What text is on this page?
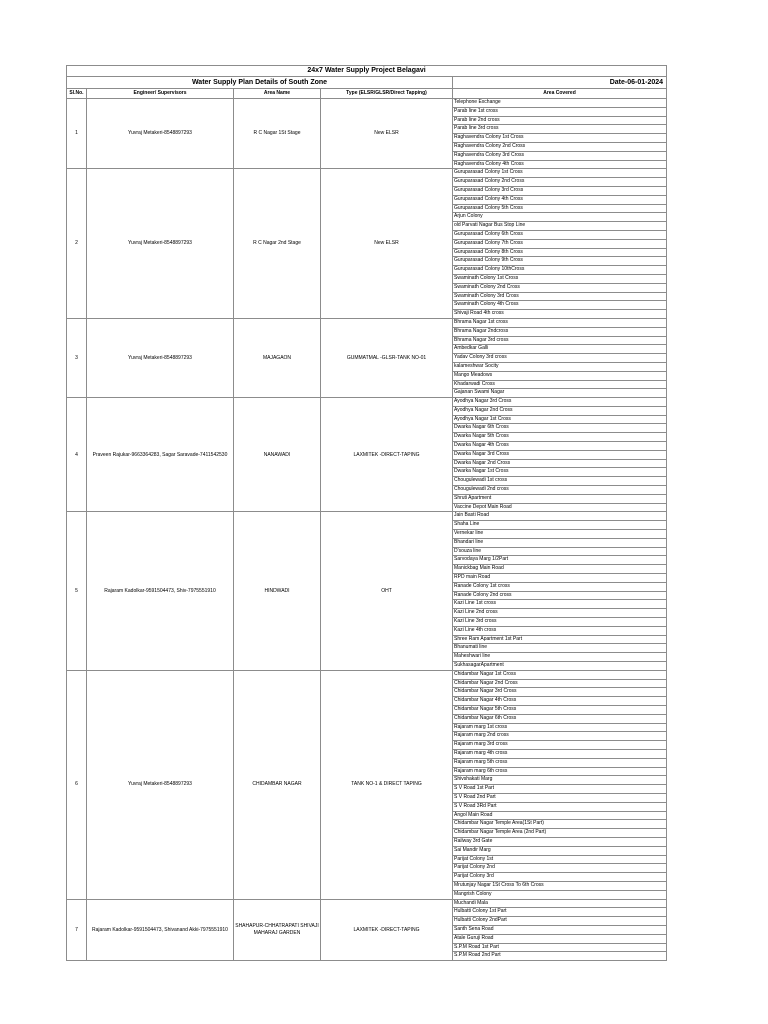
24x7 Water Supply Project Belagavi				
Water Supply Plan Details of South Zone				Date-06-01-2024
Sl.No.	Engineer/ Supervisors	Area Name	Type (ELSR/GLSR/Direct Tapping)	Area Covered
1	Yuvraj Metakeri-8548897293	R C Nagar 1St Stage	New ELSR	Telephone Exchange
				Parab line 1st cross
				Parab line 2nd cross
				Parab line 3rd cross
				Raghavendra Colony 1st Cross
				Raghavendra Colony 2nd Cross
				Raghavendra Colony 3rd Cross
				Raghavendra Colony 4th Cross
2	Yuvraj Metakeri-8548897293	R C Nagar 2nd Stage	New ELSR	Guruparasad Colony 1st Cross
				Guruparasad Colony 2nd Cross
				Guruparasad Colony 3rd Cross
				Guruparasad Colony 4th Cross
				Guruparasad Colony 5th Cross
				Arjun Colony
				old Parvati Nagar Bus Stop Line
				Guruparasad Colony 6th Cross
				Guruparasad Colony 7th Cross
				Guruparasad Colony 8th Cross
				Guruparasad Colony 9th Cross
				Guruparasad Colony 10thCross
				Swaminath Colony 1st Cross
				Swaminath Colony 2nd Cross
				Swaminath Colony 3rd Cross
				Swaminath Colony 4th Cross
				Shivaji Road 4th cross
3	Yuvraj Metakeri-8548897293	MAJAGAON	GUMMATMAL -GLSR-TANK NO-01	Bhrama Nagar 1st cross
				Bhrama Nagar 2ndcross
				Bhrama Nagar 3rd cross
				Ambedkar Galli
				Yadav Colony 3rd cross
				kalameshwar Socity
				Mango Meadows
				Khadarwadi Cross
				Gajanan Swami Nagar
4	Praveen Rajukar-9663364283, Sagar Saravade-7411542530	NANAWADI	LAXMITEK -DIRECT-TAPING	Ayodhya Nagar 3rd Cross
				Ayodhya Nagar 2nd Cross
				Ayodhya Nagar 1st Cross
				Dwarka Nagar 6th Cross
				Dwarka Nagar 5th Cross
				Dwarka Nagar 4th Cross
				Dwarka Nagar 3rd Cross
				Dwarka Nagar 2nd Cross
				Dwarka Nagar 1st Cross
				Chougulewadi 1st cross
				Chougulewadi 2nd cross
				Shruti Apartment
				Vaccine Depot Main Road
5	Rajaram Kadolkar-9591504473, Shiv-7975551910	HINDWADI	OHT	Jain Basti Road
				Shaha Line
				Vernekar line
				Bhandari line
				D'souza line
				Sarvodaya Marg 1/2Part
				Manickbag Main Road
				RPD main Road
				Ranade Colony 1st cross
				Ranade Colony 2nd cross
				Kazi Line 1st cross
				Kazi Line 2nd cross
				Kazi Line 3rd cross
				Kazi Line 4th cross
				Shree Ram Apartment 1st Part
				Bhanumati line
				Maheshwari line
				SukhasagarApartment
6	Yuvraj Metakeri-8548897293	CHIDAMBAR NAGAR	TANK NO-1 & DIRECT TAPING	Chidambar Nagar 1st Cross
				Chidambar Nagar 2nd Cross
				Chidambar Nagar 3rd Cross
				Chidambar Nagar 4th Cross
				Chidambar Nagar 5th Cross
				Chidambar Nagar 6th Cross
				Rajaram marg 1st cross
				Rajaram marg 2nd cross
				Rajaram marg 3rd cross
				Rajaram marg 4th cross
				Rajaram marg 5th cross
				Rajaram marg 6th cross
				Shivshakati Marg
				S V Road 1st Part
				S V Road 2nd Part
				S V Road 3Rd Part
				Angol Main Road
				Chidambar Nagar Temple Area(1St Part)
				Chidambar Nagar Temple Area (2nd Part)
				Railway 3rd Gate
				Sai Mandir Marg
				Parijat Colony 1st
				Parijat Colony 2nd
				Parijat Colony 3rd
				Mrutunjay Nagar 1St Cross To 6th Cross
				Mangrish Colony
7	Rajaram Kadolkar-9591504473, Shivanand Akki-7975551910	SHAHAPUR-CHHATRAPATI SHIVAJI MAHARAJ GARDEN	LAXMITEK -DIRECT-TAPING	Muchandi Mala
				Hulbatti Colony 1st Part
				Hulbatti Colony 2ndPart
				Santh Sena Road
				Atale Guruji Road
				S.P.M Road 1st Part
				S.P.M Road 2nd Part
